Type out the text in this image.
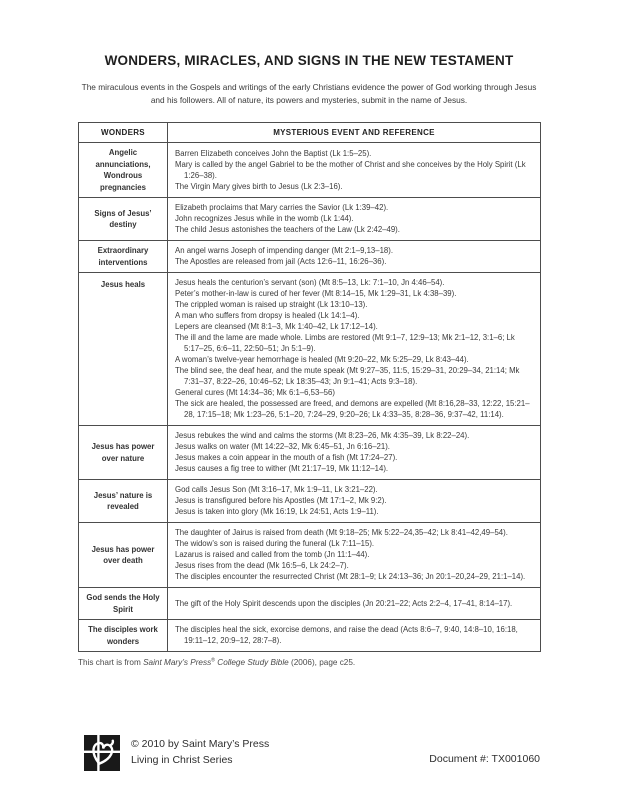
WONDERS, MIRACLES, AND SIGNS IN THE NEW TESTAMENT

The miraculous events in the Gospels and writings of the early Christians evidence the power of God working through Jesus and his followers. All of nature, its powers and mysteries, submit in the name of Jesus.

WONDERS	MYSTERIOUS EVENT AND REFERENCE
Angelic annunciations, Wondrous pregnancies	Barren Elizabeth conceives John the Baptist (Lk 1:5–25).
Mary is called by the angel Gabriel to be the mother of Christ and she conceives by the Holy Spirit (Lk 1:26–38).
The Virgin Mary gives birth to Jesus (Lk 2:3–16).

Signs of Jesus’ destiny	Elizabeth proclaims that Mary carries the Savior (Lk 1:39–42).
John recognizes Jesus while in the womb (Lk 1:44).
The child Jesus astonishes the teachers of the Law (Lk 2:42–49).

Extraordinary interventions	An angel warns Joseph of impending danger (Mt 2:1–9,13–18).
The Apostles are released from jail (Acts 12:6–11, 16:26–36).

Jesus heals	Jesus heals the centurion’s servant (son) (Mt 8:5–13, Lk: 7:1–10, Jn 4:46–54).
Peter’s mother-in-law is cured of her fever (Mt 8:14–15, Mk 1:29–31, Lk 4:38–39).
The crippled woman is raised up straight (Lk 13:10–13).
A man who suffers from dropsy is healed (Lk 14:1–4).
Lepers are cleansed (Mt 8:1–3, Mk 1:40–42, Lk 17:12–14).
The ill and the lame are made whole. Limbs are restored (Mt 9:1–7, 12:9–13; Mk 2:1–12, 3:1–6; Lk 5:17–25, 6:6–11, 22:50–51; Jn 5:1–9).
A woman’s twelve-year hemorrhage is healed (Mt 9:20–22, Mk 5:25–29, Lk 8:43–44).
The blind see, the deaf hear, and the mute speak (Mt 9:27–35, 11:5, 15:29–31, 20:29–34, 21:14; Mk 7:31–37, 8:22–26, 10:46–52; Lk 18:35–43; Jn 9:1–41; Acts 9:3–18).
General cures (Mt 14:34–36; Mk 6:1–6,53–56)
The sick are healed, the possessed are freed, and demons are expelled (Mt 8:16,28–33, 12:22, 15:21–28, 17:15–18; Mk 1:23–26, 5:1–20, 7:24–29, 9:20–26; Lk 4:33–35, 8:28–36, 9:37–42, 11:14).

Jesus has power over nature	Jesus rebukes the wind and calms the storms (Mt 8:23–26, Mk 4:35–39, Lk 8:22–24).
Jesus walks on water (Mt 14:22–32, Mk 6:45–51, Jn 6:16–21).
Jesus makes a coin appear in the mouth of a fish (Mt 17:24–27).
Jesus causes a fig tree to wither (Mt 21:17–19, Mk 11:12–14).

Jesus’ nature is revealed	God calls Jesus Son (Mt 3:16–17, Mk 1:9–11, Lk 3:21–22).
Jesus is transfigured before his Apostles (Mt 17:1–2, Mk 9:2).
Jesus is taken into glory (Mk 16:19, Lk 24:51, Acts 1:9–11).

Jesus has power over death	The daughter of Jairus is raised from death (Mt 9:18–25; Mk 5:22–24,35–42; Lk 8:41–42,49–54).
The widow’s son is raised during the funeral (Lk 7:11–15).
Lazarus is raised and called from the tomb (Jn 11:1–44).
Jesus rises from the dead (Mk 16:5–6, Lk 24:2–7).
The disciples encounter the resurrected Christ (Mt 28:1–9; Lk 24:13–36; Jn 20:1–20,24–29, 21:1–14).

God sends the Holy Spirit	The gift of the Holy Spirit descends upon the disciples (Jn 20:21–22; Acts 2:2–4, 17–41, 8:14–17).

The disciples work wonders	The disciples heal the sick, exorcise demons, and raise the dead (Acts 8:6–7, 9:40, 14:8–10, 16:18, 19:11–12, 20:9–12, 28:7–8).

This chart is from Saint Mary’s Press® College Study Bible (2006), page c25.

© 2010 by Saint Mary’s Press
Living in Christ Series	Document #: TX001060
